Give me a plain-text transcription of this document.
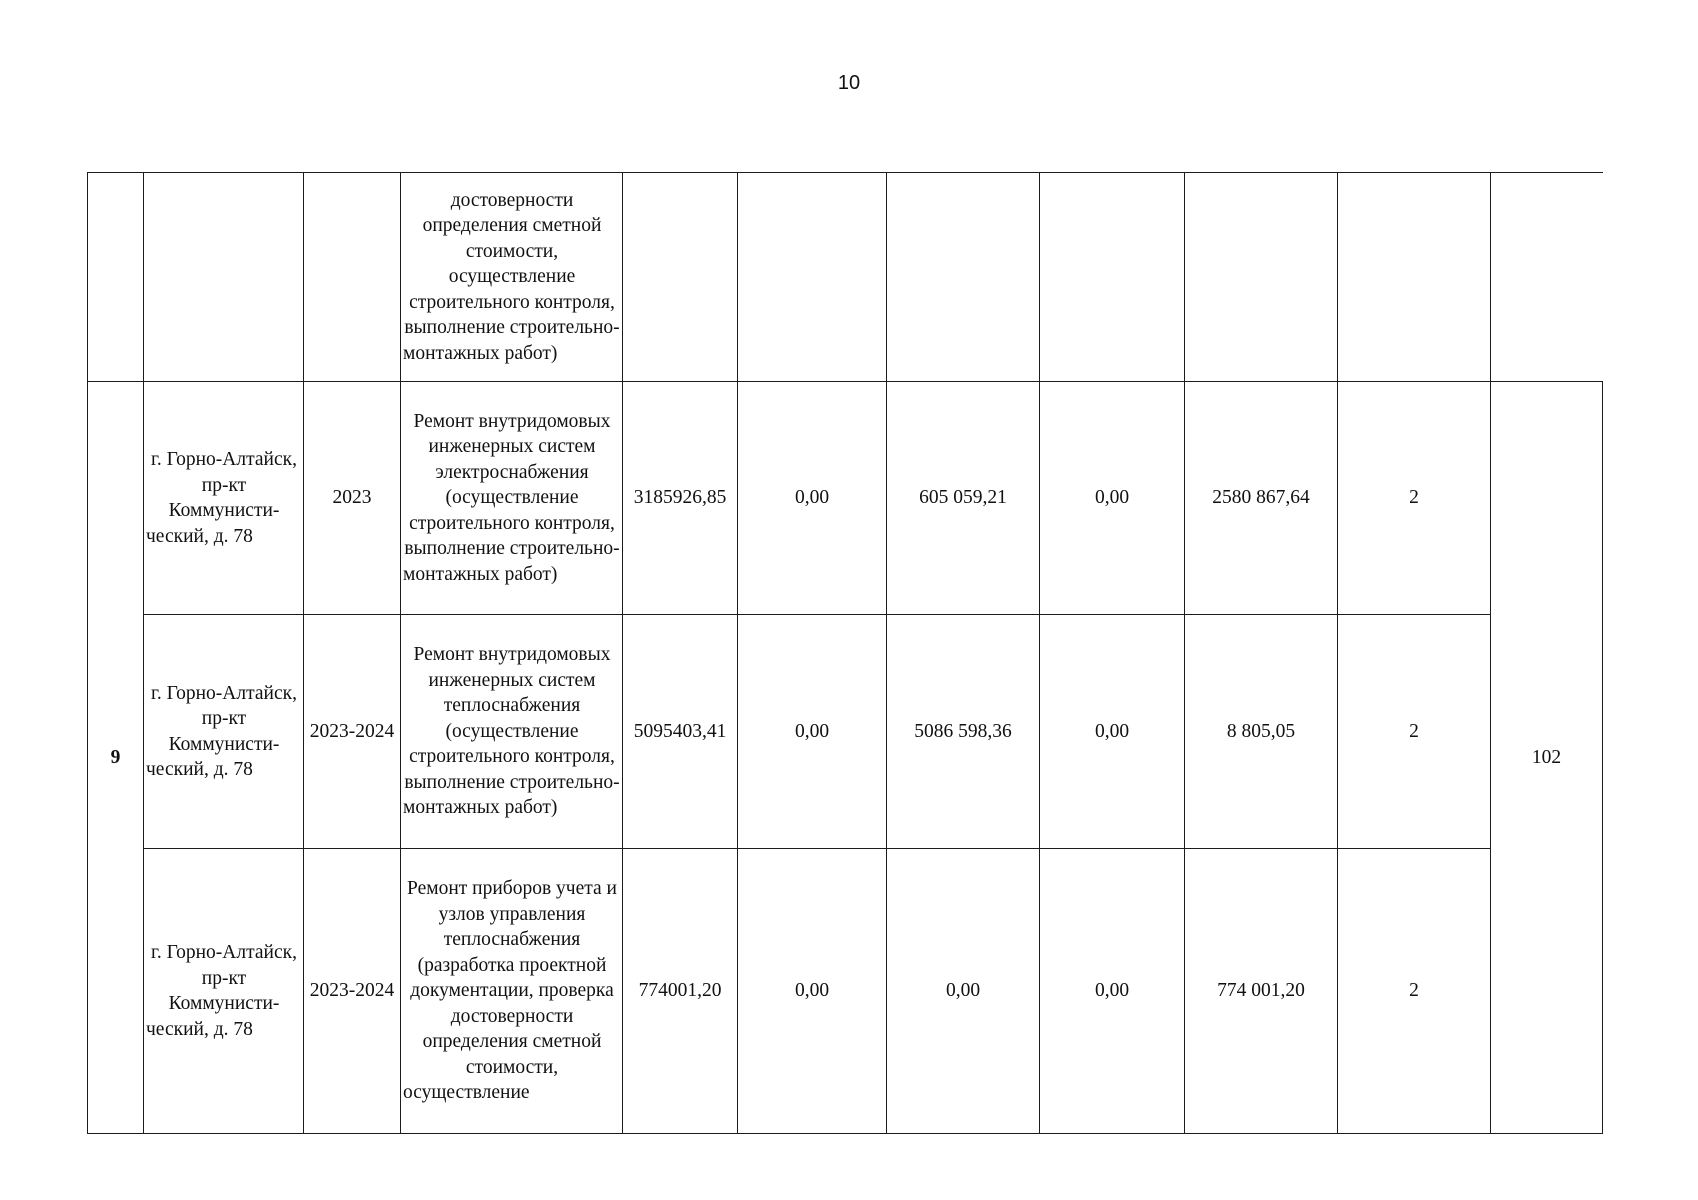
10

			достоверности определения сметной стоимости, осуществление строительного контроля, выполнение строительно-монтажных работ)							

9	г. Горно-Алтайск, пр-кт Коммунисти-ческий, д. 78	2023	Ремонт внутридомовых инженерных систем электроснабжения (осуществление строительного контроля, выполнение строительно-монтажных работ)	3185926,85	0,00	605 059,21	0,00	2580 867,64	2	102

	г. Горно-Алтайск, пр-кт Коммунисти-ческий, д. 78	2023-2024	Ремонт внутридомовых инженерных систем теплоснабжения (осуществление строительного контроля, выполнение строительно-монтажных работ)	5095403,41	0,00	5086 598,36	0,00	8 805,05	2	

	г. Горно-Алтайск, пр-кт Коммунисти-ческий, д. 78	2023-2024	Ремонт приборов учета и узлов управления теплоснабжения (разработка проектной документации, проверка достоверности определения сметной стоимости, осуществление	774001,20	0,00	0,00	0,00	774 001,20	2	
